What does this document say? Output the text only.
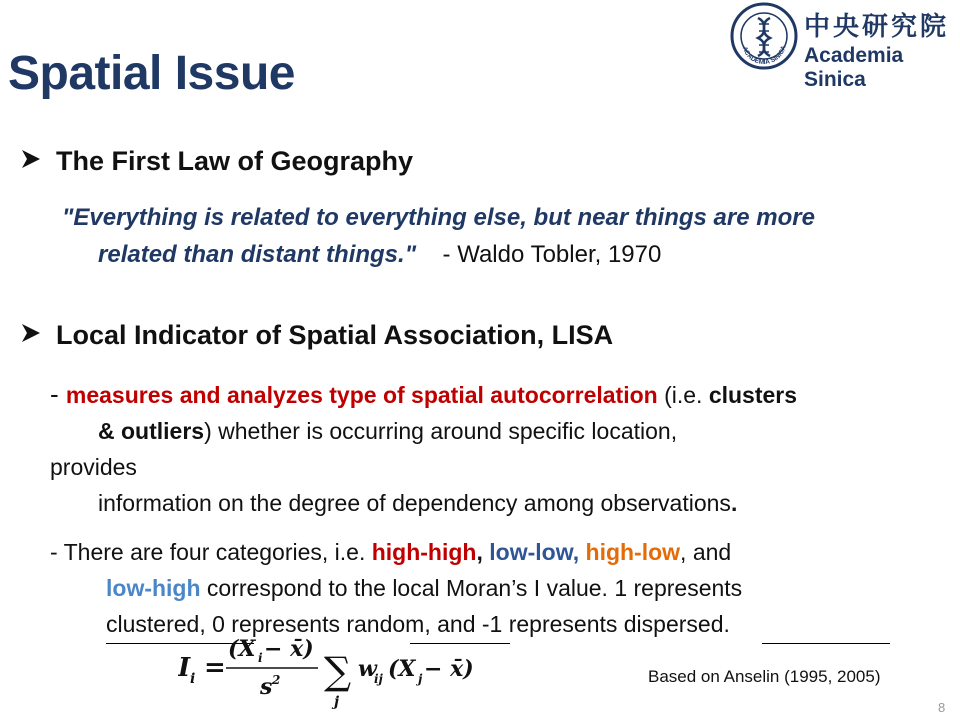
Spatial Issue	ACADEMIA SINICA
中央研究院
Academia Sinica
The First Law of Geography
"Everything is related to everything else, but near things are more
related than distant things." - Waldo Tobler, 1970
Local Indicator of Spatial Association, LISA
- measures and analyzes type of spatial autocorrelation (i.e. clusters
& outliers) whether is occurring around specific location,
provides
information on the degree of dependency among observations.
- There are four categories, i.e. high-high, low-low, high-low, and
low-high correspond to the local Moran’s I value. 1 represents
clustered, 0 represents random, and -1 represents dispersed.
I i =
(X i − x̄)
s 2 ∑
j
w
ij (X j − x̄)	Based on Anselin (1995, 2005)
8
